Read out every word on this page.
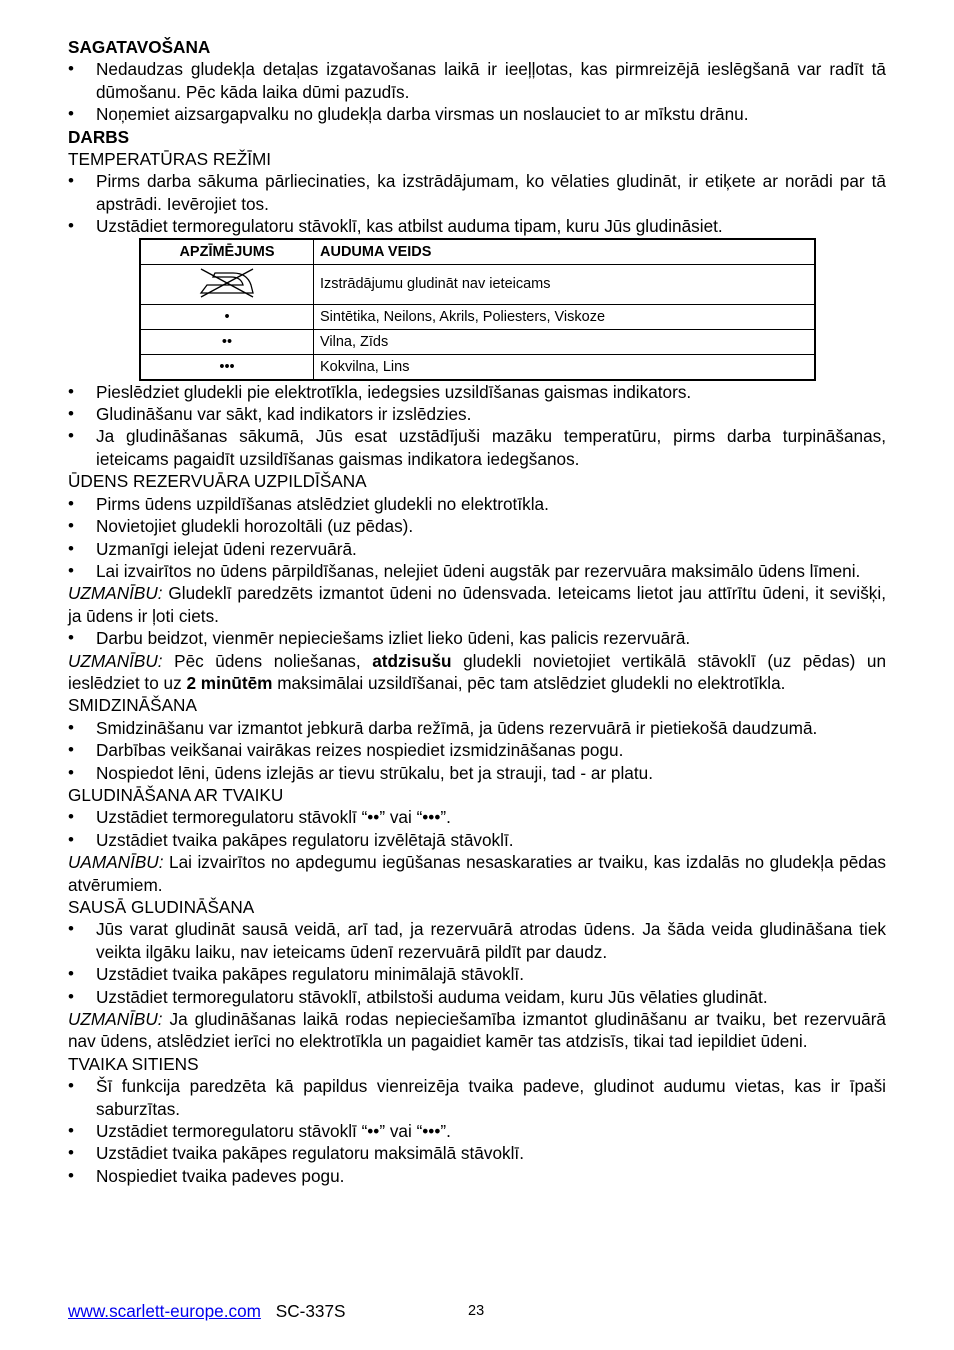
SAGATAVOŠANA
• Nedaudzas gludekļa detaļas izgatavošanas laikā ir ieeļļotas, kas pirmreizējā ieslēgšanā var radīt tā dūmošanu. Pēc kāda laika dūmi pazudīs.
• Noņemiet aizsargapvalku no gludekļa darba virsmas un noslauciet to ar mīkstu drānu.
DARBS
TEMPERATŪRAS REŽĪMI
• Pirms darba sākuma pārliecinaties, ka izstrādājumam, ko vēlaties gludināt, ir etiķete ar norādi par tā apstrādi. Ievērojiet tos.
• Uzstādiet termoregulatoru stāvoklī, kas atbilst auduma tipam, kuru Jūs gludināsiet.
APZĪMĒJUMS	AUDUMA VEIDS
	Izstrādājumu gludināt nav ieteicams
•	Sintētika, Neilons, Akrils, Poliesters, Viskoze
••	Vilna, Zīds
•••	Kokvilna, Lins
• Pieslēdziet gludekli pie elektrotīkla, iedegsies uzsildīšanas gaismas indikators.
• Gludināšanu var sākt, kad indikators ir izslēdzies.
• Ja gludināšanas sākumā, Jūs esat uzstādījuši mazāku temperatūru, pirms darba turpināšanas, ieteicams pagaidīt uzsildīšanas gaismas indikatora iedegšanos.
ŪDENS REZERVUĀRA UZPILDĪŠANA
• Pirms ūdens uzpildīšanas atslēdziet gludekli no elektrotīkla.
• Novietojiet gludekli horozoltāli (uz pēdas).
• Uzmanīgi ielejat ūdeni rezervuārā.
• Lai izvairītos no ūdens pārpildīšanas, nelejiet ūdeni augstāk par rezervuāra maksimālo ūdens līmeni.
UZMANĪBU: Gludeklī paredzēts izmantot ūdeni no ūdensvada. Ieteicams lietot jau attīrītu ūdeni, it sevišķi, ja ūdens ir ļoti ciets.
• Darbu beidzot, vienmēr nepieciešams izliet lieko ūdeni, kas palicis rezervuārā.
UZMANĪBU: Pēc ūdens noliešanas, atdzisušu gludekli novietojiet vertikālā stāvoklī (uz pēdas) un ieslēdziet to uz 2 minūtēm maksimālai uzsildīšanai, pēc tam atslēdziet gludekli no elektrotīkla.
SMIDZINĀŠANA
• Smidzināšanu var izmantot jebkurā darba režīmā, ja ūdens rezervuārā ir pietiekošā daudzumā.
• Darbības veikšanai vairākas reizes nospiediet izsmidzināšanas pogu.
• Nospiedot lēni, ūdens izlejās ar tievu strūkalu, bet ja strauji, tad - ar platu.
GLUDINĀŠANA AR TVAIKU
• Uzstādiet termoregulatoru stāvoklī “••” vai “•••”.
• Uzstādiet tvaika pakāpes regulatoru izvēlētajā stāvoklī.
UAMANĪBU: Lai izvairītos no apdegumu iegūšanas nesaskaraties ar tvaiku, kas izdalās no gludekļa pēdas atvērumiem.
SAUSĀ GLUDINĀŠANA
• Jūs varat gludināt sausā veidā, arī tad, ja rezervuārā atrodas ūdens. Ja šāda veida gludināšana tiek veikta ilgāku laiku, nav ieteicams ūdenī rezervuārā pildīt par daudz.
• Uzstādiet tvaika pakāpes regulatoru minimālajā stāvoklī.
• Uzstādiet termoregulatoru stāvoklī, atbilstoši auduma veidam, kuru Jūs vēlaties gludināt.
UZMANĪBU: Ja gludināšanas laikā rodas nepieciešamība izmantot gludināšanu ar tvaiku, bet rezervuārā nav ūdens, atslēdziet ierīci no elektrotīkla un pagaidiet kamēr tas atdzisīs, tikai tad iepildiet ūdeni.
TVAIKA SITIENS
• Šī funkcija paredzēta kā papildus vienreizēja tvaika padeve, gludinot audumu vietas, kas ir īpaši saburzītas.
• Uzstādiet termoregulatoru stāvoklī “••” vai “•••”.
• Uzstādiet tvaika pakāpes regulatoru maksimālā stāvoklī.
• Nospiediet tvaika padeves pogu.
www.scarlett-europe.com SC-337S	23
